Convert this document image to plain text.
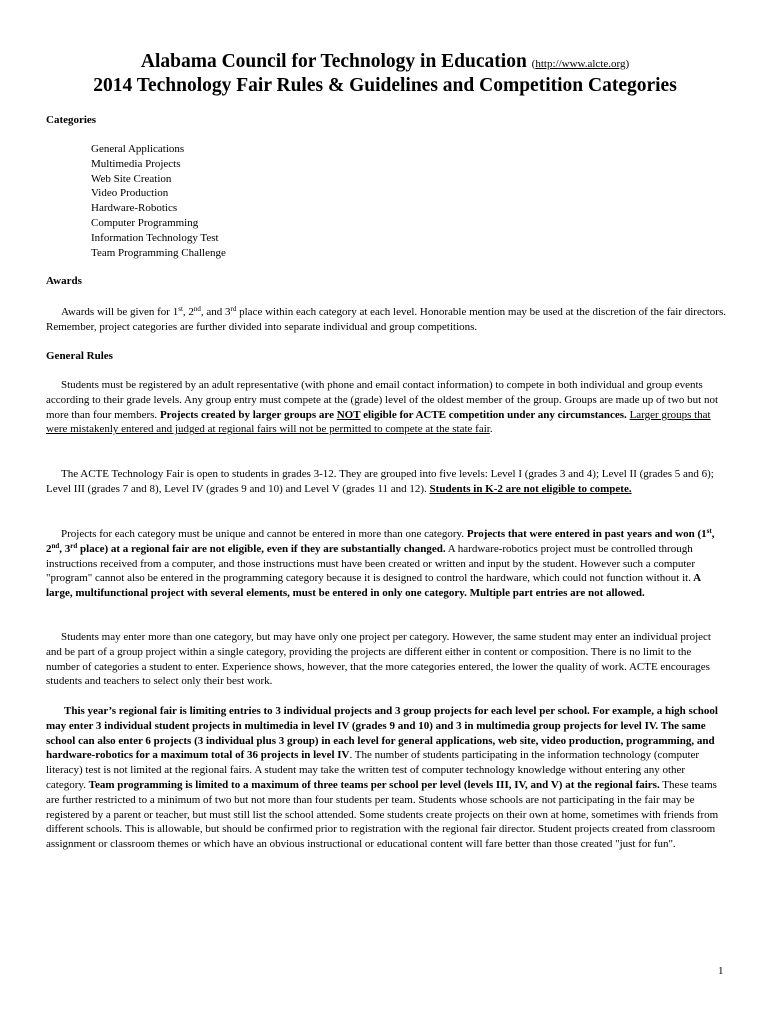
Alabama Council for Technology in Education (http://www.alcte.org)
2014 Technology Fair Rules & Guidelines and Competition Categories
Categories
General Applications
Multimedia Projects
Web Site Creation
Video Production
Hardware-Robotics
Computer Programming
Information Technology Test
Team Programming Challenge
Awards

Awards will be given for 1st, 2nd, and 3rd place within each category at each level. Honorable mention may be used at the discretion of the fair directors. Remember, project categories are further divided into separate individual and group competitions.

General Rules

Students must be registered by an adult representative (with phone and email contact information) to compete in both individual and group events according to their grade levels. Any group entry must compete at the (grade) level of the oldest member of the group. Groups are made up of two but not more than four members. Projects created by larger groups are NOT eligible for ACTE competition under any circumstances. Larger groups that were mistakenly entered and judged at regional fairs will not be permitted to compete at the state fair.

The ACTE Technology Fair is open to students in grades 3-12. They are grouped into five levels: Level I (grades 3 and 4); Level II (grades 5 and 6); Level III (grades 7 and 8), Level IV (grades 9 and 10) and Level V (grades 11 and 12). Students in K-2 are not eligible to compete.

Projects for each category must be unique and cannot be entered in more than one category. Projects that were entered in past years and won (1st, 2nd, 3rd place) at a regional fair are not eligible, even if they are substantially changed. A hardware-robotics project must be controlled through instructions received from a computer, and those instructions must have been created or written and input by the student. However such a computer "program" cannot also be entered in the programming category because it is designed to control the hardware, which could not function without it. A large, multifunctional project with several elements, must be entered in only one category. Multiple part entries are not allowed.

Students may enter more than one category, but may have only one project per category. However, the same student may enter an individual project and be part of a group project within a single category, providing the projects are different either in content or composition. There is no limit to the number of categories a student to enter. Experience shows, however, that the more categories entered, the lower the quality of work. ACTE encourages students and teachers to select only their best work.

This year’s regional fair is limiting entries to 3 individual projects and 3 group projects for each level per school. For example, a high school may enter 3 individual student projects in multimedia in level IV (grades 9 and 10) and 3 in multimedia group projects for level IV. The same school can also enter 6 projects (3 individual plus 3 group) in each level for general applications, web site, video production, programming, and hardware-robotics for a maximum total of 36 projects in level IV. The number of students participating in the information technology (computer literacy) test is not limited at the regional fairs. A student may take the written test of computer technology knowledge without entering any other category. Team programming is limited to a maximum of three teams per school per level (levels III, IV, and V) at the regional fairs. These teams are further restricted to a minimum of two but not more than four students per team. Students whose schools are not participating in the fair may be registered by a parent or teacher, but must still list the school attended. Some students create projects on their own at home, sometimes with friends from different schools. This is allowable, but should be confirmed prior to registration with the regional fair director. Student projects created from classroom assignment or classroom themes or which have an obvious instructional or educational content will fare better than those created "just for fun".

1
